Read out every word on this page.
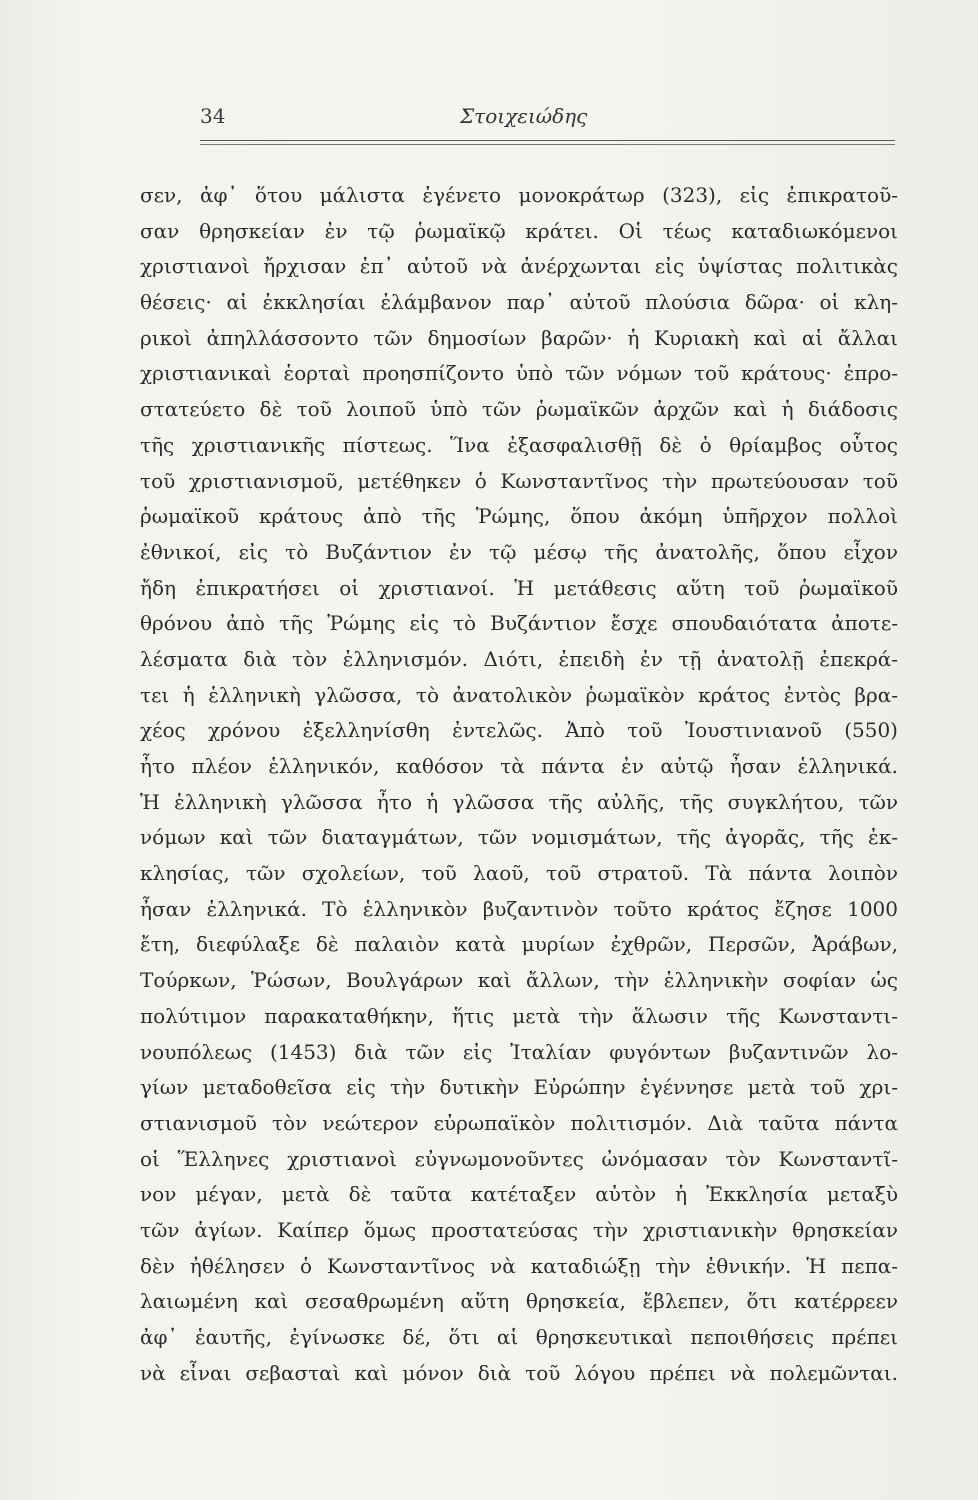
34	Στοιχειώδης
σεν, ἀφ᾽ ὅτου μάλιστα ἐγένετο μονοκράτωρ (323), εἰς ἐπικρατοῦ-
σαν θρησκείαν ἐν τῷ ῥωμαϊκῷ κράτει. Οἱ τέως καταδιωκόμενοι
χριστιανοὶ ἤρχισαν ἐπ᾽ αὐτοῦ νὰ ἀνέρχωνται εἰς ὑψίστας πολιτικὰς
θέσεις· αἱ ἐκκλησίαι ἐλάμβανον παρ᾽ αὐτοῦ πλούσια δῶρα· οἱ κλη-
ρικοὶ ἀπηλλάσσοντο τῶν δημοσίων βαρῶν· ἡ Κυριακὴ καὶ αἱ ἄλλαι
χριστιανικαὶ ἑορταὶ προησπίζοντο ὑπὸ τῶν νόμων τοῦ κράτους· ἐπρο-
στατεύετο δὲ τοῦ λοιποῦ ὑπὸ τῶν ῥωμαϊκῶν ἀρχῶν καὶ ἡ διάδοσις
τῆς χριστιανικῆς πίστεως. Ἵνα ἐξασφαλισθῇ δὲ ὁ θρίαμβος οὗτος
τοῦ χριστιανισμοῦ, μετέθηκεν ὁ Κωνσταντῖνος τὴν πρωτεύουσαν τοῦ
ῥωμαϊκοῦ κράτους ἀπὸ τῆς Ῥώμης, ὅπου ἀκόμη ὑπῆρχον πολλοὶ
ἐθνικοί, εἰς τὸ Βυζάντιον ἐν τῷ μέσῳ τῆς ἀνατολῆς, ὅπου εἶχον
ἤδη ἐπικρατήσει οἱ χριστιανοί. Ἡ μετάθεσις αὕτη τοῦ ῥωμαϊκοῦ
θρόνου ἀπὸ τῆς Ῥώμης εἰς τὸ Βυζάντιον ἔσχε σπουδαιότατα ἀποτε-
λέσματα διὰ τὸν ἑλληνισμόν. Διότι, ἐπειδὴ ἐν τῇ ἀνατολῇ ἐπεκρά-
τει ἡ ἑλληνικὴ γλῶσσα, τὸ ἀνατολικὸν ῥωμαϊκὸν κράτος ἐντὸς βρα-
χέος χρόνου ἐξελληνίσθη ἐντελῶς. Ἀπὸ τοῦ Ἰουστινιανοῦ (550)
ἦτο πλέον ἑλληνικόν, καθόσον τὰ πάντα ἐν αὐτῷ ἦσαν ἑλληνικά.
Ἡ ἑλληνικὴ γλῶσσα ἦτο ἡ γλῶσσα τῆς αὐλῆς, τῆς συγκλήτου, τῶν
νόμων καὶ τῶν διαταγμάτων, τῶν νομισμάτων, τῆς ἀγορᾶς, τῆς ἐκ-
κλησίας, τῶν σχολείων, τοῦ λαοῦ, τοῦ στρατοῦ. Τὰ πάντα λοιπὸν
ἦσαν ἑλληνικά. Τὸ ἑλληνικὸν βυζαντινὸν τοῦτο κράτος ἔζησε 1000
ἔτη, διεφύλαξε δὲ παλαιὸν κατὰ μυρίων ἐχθρῶν, Περσῶν, Ἀράβων,
Τούρκων, Ῥώσων, Βουλγάρων καὶ ἄλλων, τὴν ἑλληνικὴν σοφίαν ὡς
πολύτιμον παρακαταθήκην, ἥτις μετὰ τὴν ἅλωσιν τῆς Κωνσταντι-
νουπόλεως (1453) διὰ τῶν εἰς Ἰταλίαν φυγόντων βυζαντινῶν λο-
γίων μεταδοθεῖσα εἰς τὴν δυτικὴν Εὐρώπην ἐγέννησε μετὰ τοῦ χρι-
στιανισμοῦ τὸν νεώτερον εὐρωπαϊκὸν πολιτισμόν. Διὰ ταῦτα πάντα
οἱ Ἕλληνες χριστιανοὶ εὐγνωμονοῦντες ὠνόμασαν τὸν Κωνσταντῖ-
νον μέγαν, μετὰ δὲ ταῦτα κατέταξεν αὐτὸν ἡ Ἐκκλησία μεταξὺ
τῶν ἁγίων. Καίπερ ὅμως προστατεύσας τὴν χριστιανικὴν θρησκείαν
δὲν ἠθέλησεν ὁ Κωνσταντῖνος νὰ καταδιώξῃ τὴν ἐθνικήν. Ἡ πεπα-
λαιωμένη καὶ σεσαθρωμένη αὕτη θρησκεία, ἔβλεπεν, ὅτι κατέρρεεν
ἀφ᾽ ἑαυτῆς, ἐγίνωσκε δέ, ὅτι αἱ θρησκευτικαὶ πεποιθήσεις πρέπει
νὰ εἶναι σεβασταὶ καὶ μόνον διὰ τοῦ λόγου πρέπει νὰ πολεμῶνται.
